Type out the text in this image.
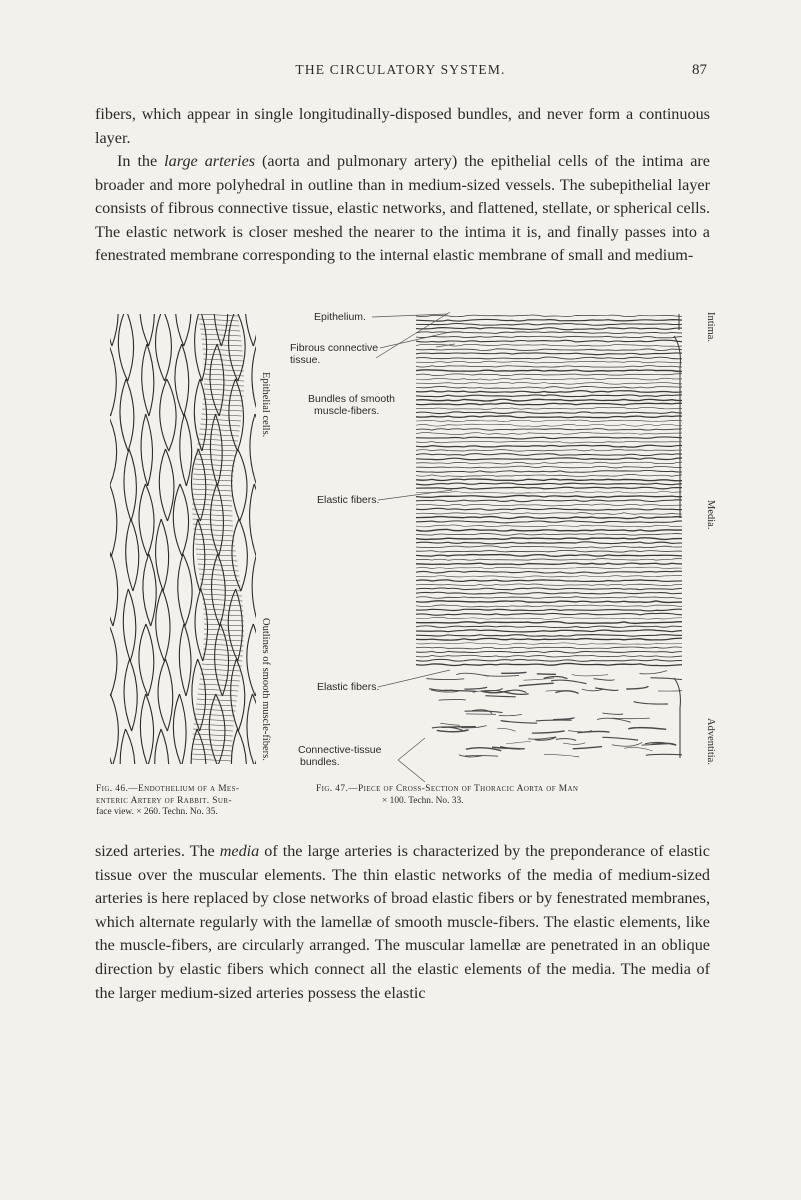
THE CIRCULATORY SYSTEM.	87

fibers, which appear in single longitudinally-disposed bundles, and never form a continuous layer.

In the large arteries (aorta and pulmonary artery) the epithelial cells of the intima are broader and more polyhedral in outline than in medium-sized vessels. The subepithelial layer consists of fibrous connective tissue, elastic networks, and flattened, stellate, or spherical cells. The elastic network is closer meshed the nearer to the intima it is, and finally passes into a fenestrated membrane corresponding to the internal elastic membrane of small and medium-

Epithelial cells.
Outlines of smooth muscle-fibers.
Epithelium.
Fibrous connective
tissue.
Bundles of smooth
muscle-fibers.
Elastic fibers.
Elastic fibers.
Connective-tissue
bundles.
Intima.
Media.
Adventitia.
Fig. 46.—Endothelium of a Mes-
enteric Artery of Rabbit. Sur-
face view. × 260. Techn. No. 35.
Fig. 47.—Piece of Cross-Section of Thoracic Aorta of Man
× 100. Techn. No. 33.

sized arteries. The media of the large arteries is characterized by the preponderance of elastic tissue over the muscular elements. The thin elastic networks of the media of medium-sized arteries is here replaced by close networks of broad elastic fibers or by fenestrated membranes, which alternate regularly with the lamellæ of smooth muscle-fibers. The elastic elements, like the muscle-fibers, are circularly arranged. The muscular lamellæ are penetrated in an oblique direction by elastic fibers which connect all the elastic elements of the media. The media of the larger medium-sized arteries possess the elastic
